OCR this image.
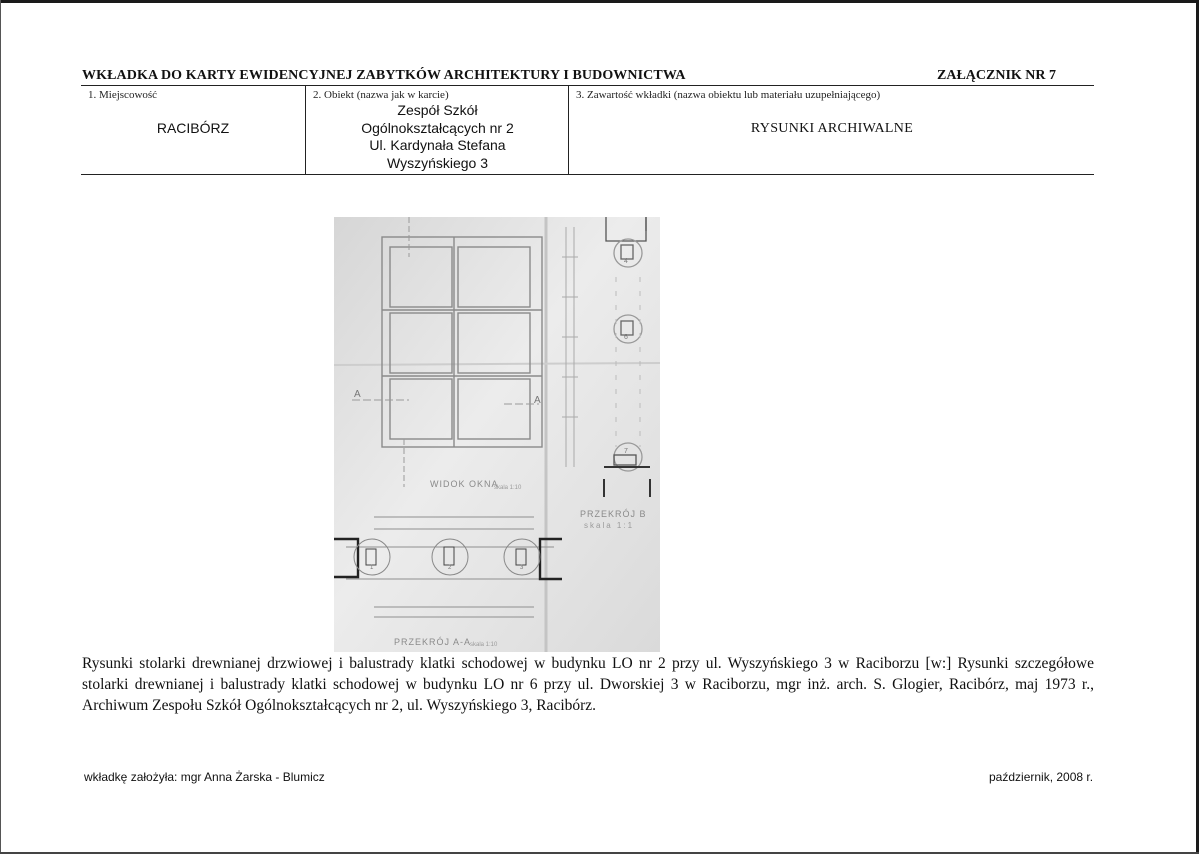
WKŁADKA DO KARTY EWIDENCYJNEJ ZABYTKÓW ARCHITEKTURY I BUDOWNICTWA	ZAŁĄCZNIK NR 7
1. Miejscowość
RACIBÓRZ
2. Obiekt (nazwa jak w karcie)
Zespół Szkół
Ogólnokształcących nr 2
Ul. Kardynała Stefana
Wyszyńskiego 3
3. Zawartość wkładki (nazwa obiektu lub materiału uzupełniającego)
RYSUNKI ARCHIWALNE
A
A
4
6
7
WIDOK OKNA
skala 1:10
PRZEKRÓJ B
skala 1:1
1	2	3
PRZEKRÓJ A-A
skala 1:10
Rysunki stolarki drewnianej drzwiowej i balustrady klatki schodowej w budynku LO nr 2 przy ul. Wyszyńskiego 3 w Raciborzu [w:] Rysunki szczegółowe stolarki drewnianej i balustrady klatki schodowej w budynku LO nr 6 przy ul. Dworskiej 3 w Raciborzu, mgr inż. arch. S. Glogier, Racibórz, maj 1973 r., Archiwum Zespołu Szkół Ogólnokształcących nr 2, ul. Wyszyńskiego 3, Racibórz.
wkładkę założyła: mgr Anna Żarska - Blumicz	październik, 2008 r.
